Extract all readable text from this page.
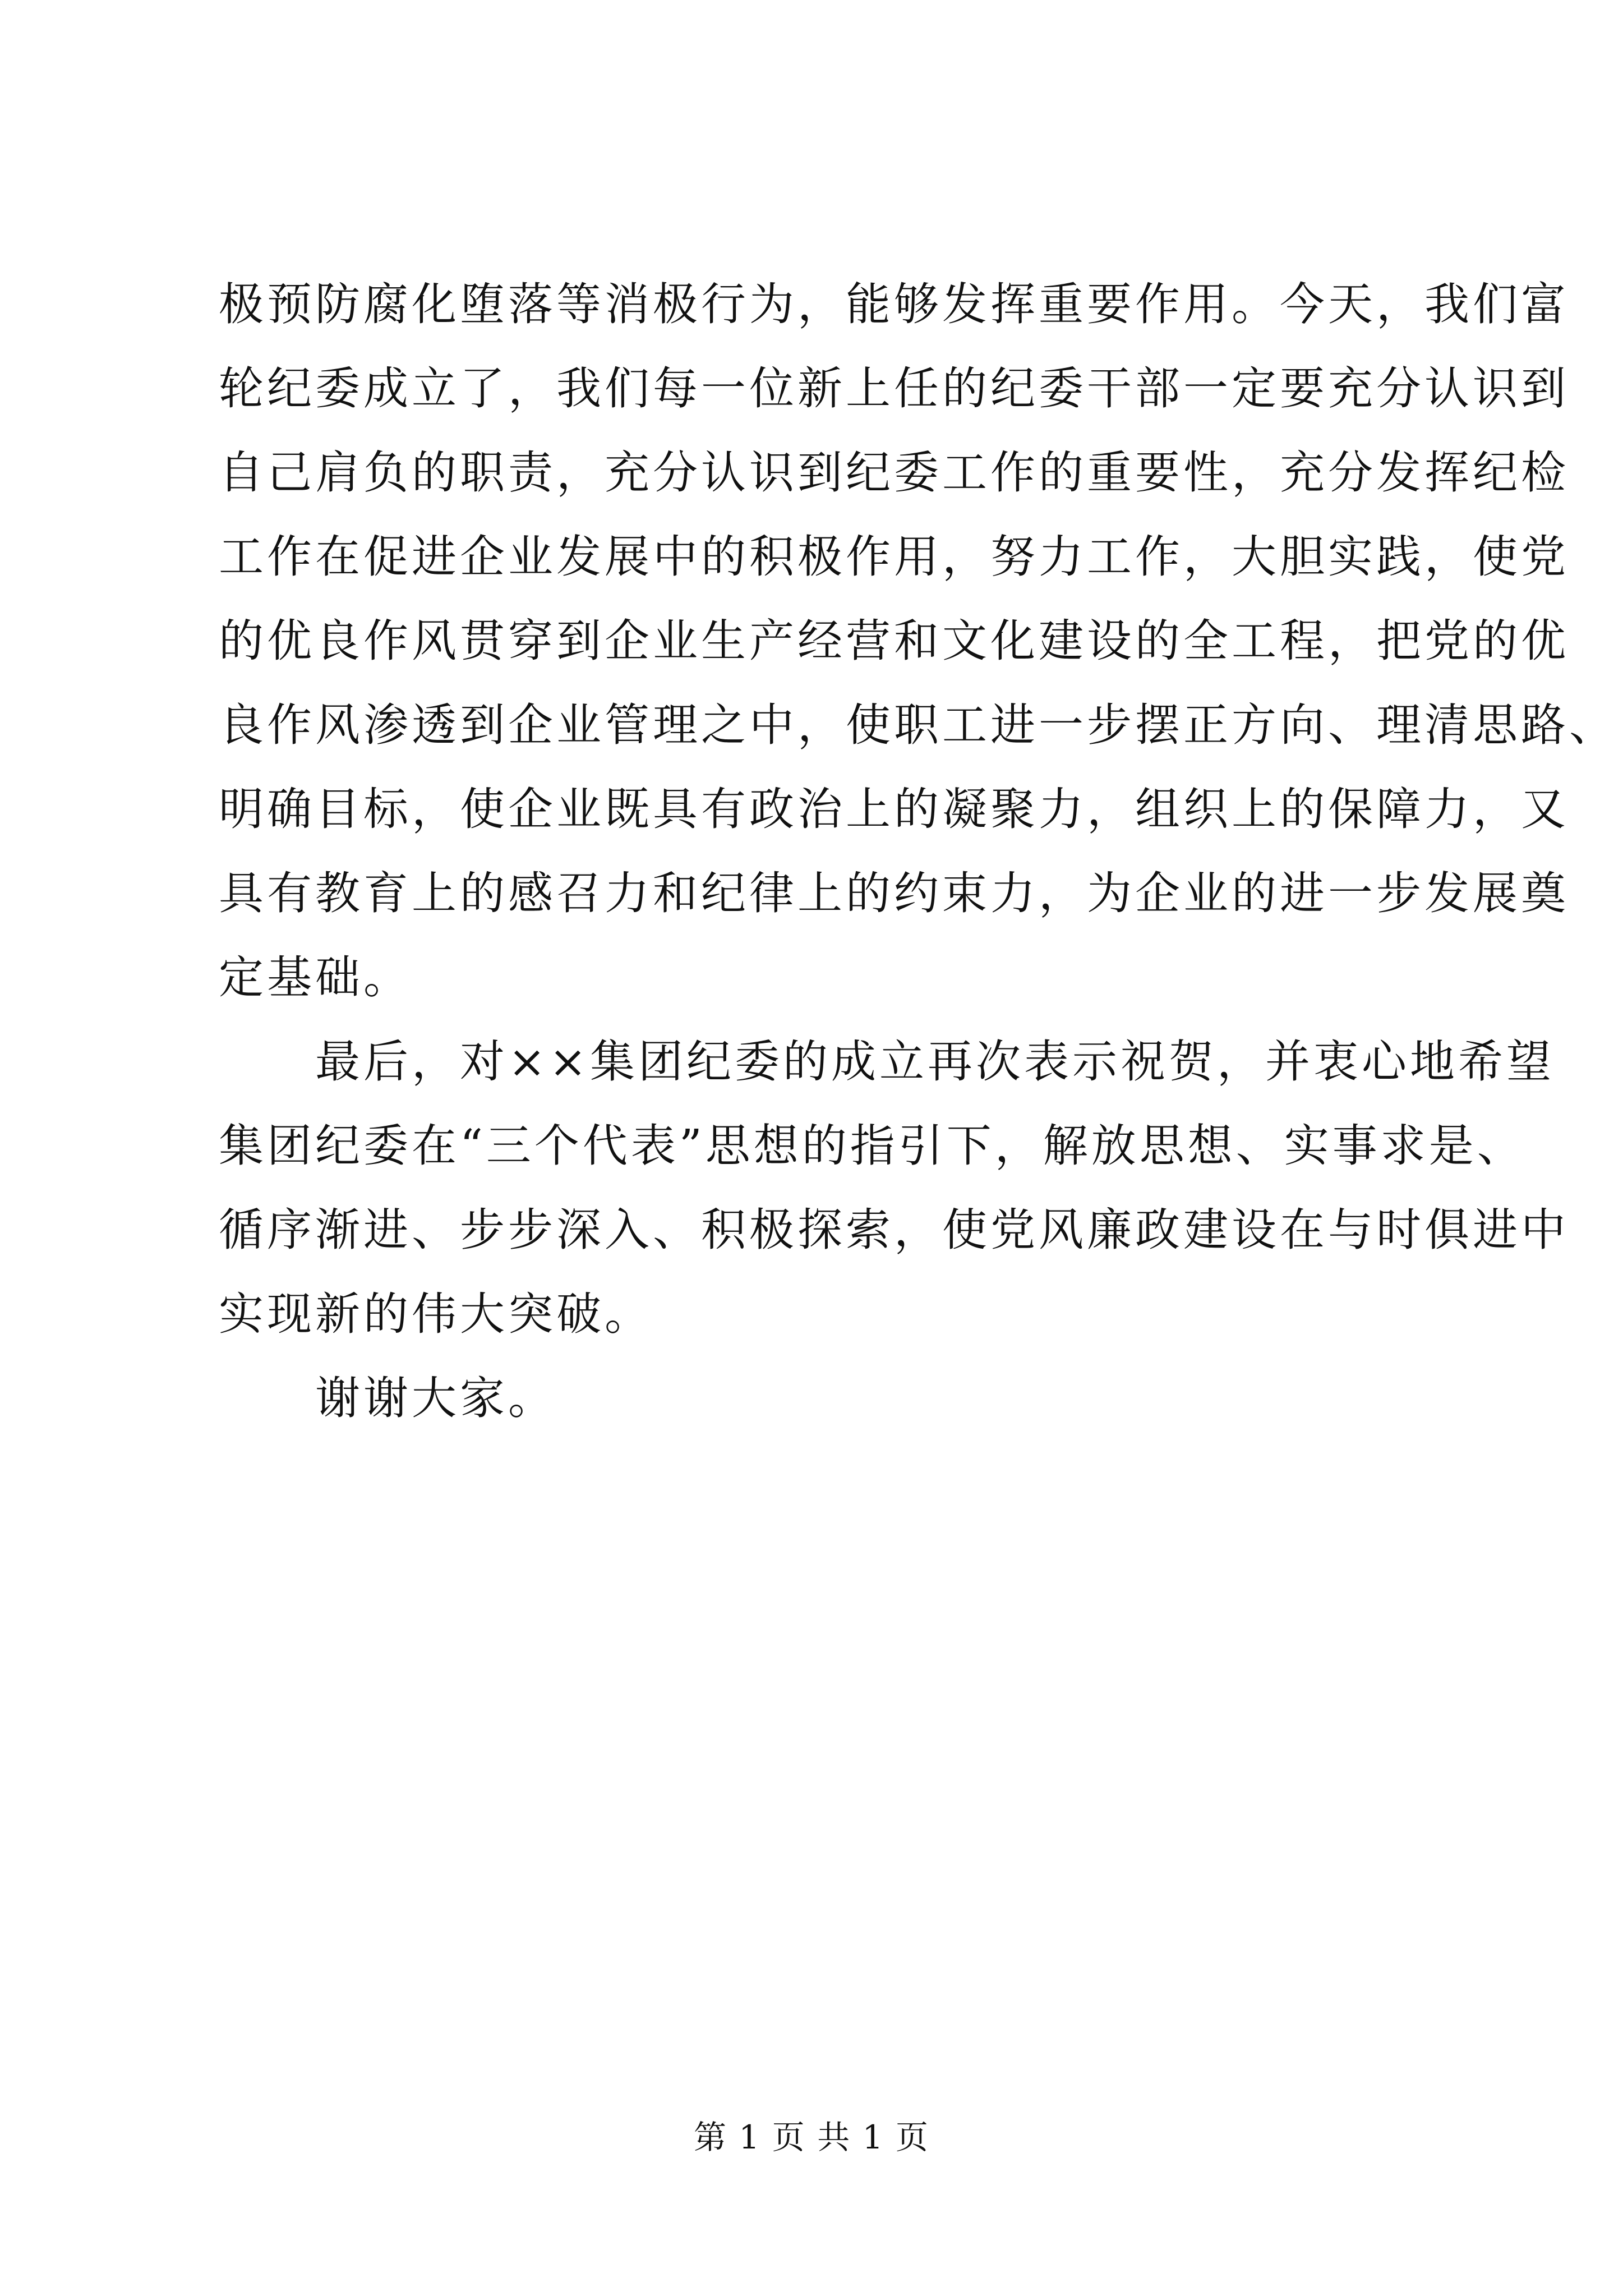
极预防腐化堕落等消极行为，能够发挥重要作用。今天，我们富
轮纪委成立了，我们每一位新上任的纪委干部一定要充分认识到
自己肩负的职责，充分认识到纪委工作的重要性，充分发挥纪检
工作在促进企业发展中的积极作用，努力工作，大胆实践，使党
的优良作风贯穿到企业生产经营和文化建设的全工程，把党的优
良作风渗透到企业管理之中，使职工进一步摆正方向、理清思路、
明确目标，使企业既具有政治上的凝聚力，组织上的保障力，又
具有教育上的感召力和纪律上的约束力，为企业的进一步发展奠
定基础。
　　最后，对××集团纪委的成立再次表示祝贺，并衷心地希望
集团纪委在“三个代表”思想的指引下，解放思想、实事求是、
循序渐进、步步深入、积极探索，使党风廉政建设在与时俱进中
实现新的伟大突破。
　　谢谢大家。
第 1 页 共 1 页
